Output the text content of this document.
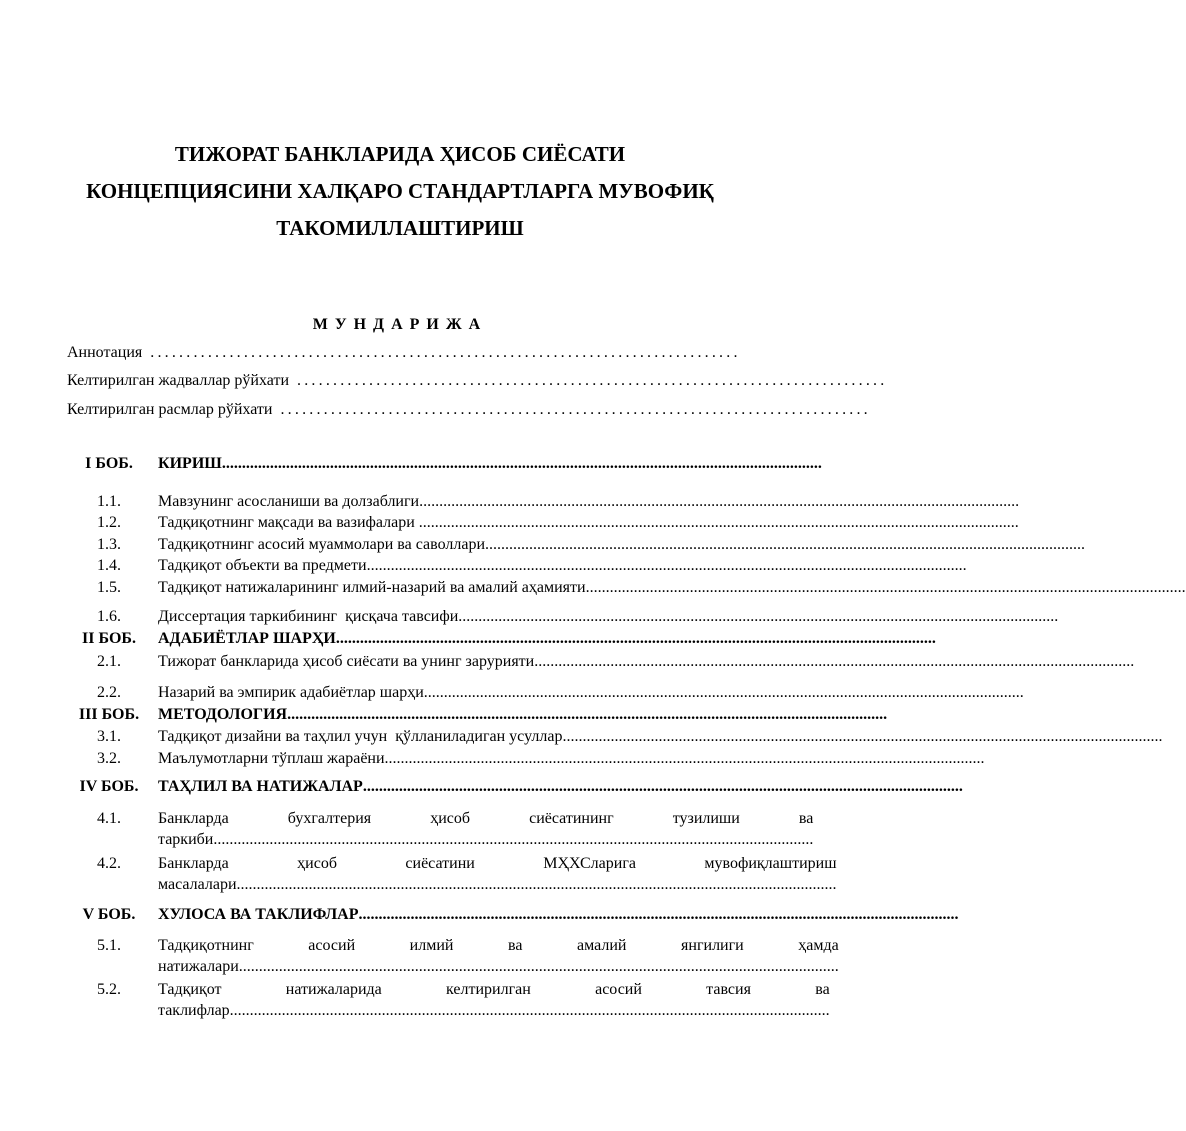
ТИЖОРАТ БАНКЛАРИДА ҲИСОБ СИЁСАТИ
КОНЦЕПЦИЯСИНИ ХАЛҚАРО СТАНДАРТЛАРГА МУВОФИҚ
ТАКОМИЛЛАШТИРИШ
МУНДАРИЖА
Аннотация ..................................................................................
Келтирилган жадваллар рўйхати ..................................................................................
Келтирилган расмлар рўйхати ..................................................................................
I БОБ.	КИРИШ ......................................................................................................................................................
1.1.	Мавзунинг асосланиши ва долзаблиги ......................................................................................................................................................
1.2.	Тадқиқотнинг мақсади ва вазифалари ......................................................................................................................................................
1.3.	Тадқиқотнинг асосий муаммолари ва саволлари ......................................................................................................................................................
1.4.	Тадқиқот объекти ва предмети ......................................................................................................................................................
1.5.	Тадқиқот натижаларининг илмий-назарий ва амалий аҳамияти ......................................................................................................................................................
1.6.	Диссертация таркибининг  қисқача тавсифи ......................................................................................................................................................
II БОБ.	АДАБИЁТЛАР ШАРҲИ ......................................................................................................................................................
2.1.	Тижорат банкларида ҳисоб сиёсати ва унинг зарурияти ......................................................................................................................................................
2.2.	Назарий ва эмпирик адабиётлар шарҳи ......................................................................................................................................................
III БОБ.	МЕТОДОЛОГИЯ ......................................................................................................................................................
3.1.	Тадқиқот дизайни ва таҳлил учун  қўлланиладиган усуллар ......................................................................................................................................................
3.2.	Маълумотларни тўплаш жараёни ......................................................................................................................................................
IV БОБ.	ТАҲЛИЛ ВА НАТИЖАЛАР ......................................................................................................................................................
4.1.	Банкларда бухгалтерия ҳисоб сиёсатининг тузилиши ва
таркиби ......................................................................................................................................................
4.2.	Банкларда ҳисоб сиёсатини МҲХСларига мувофиқлаштириш
масалалари ......................................................................................................................................................
V БОБ.	ХУЛОСА ВА ТАКЛИФЛАР ......................................................................................................................................................
5.1.	Тадқиқотнинг асосий илмий ва амалий янгилиги ҳамда
натижалари ......................................................................................................................................................
5.2.	Тадқиқот натижаларида келтирилган асосий тавсия ва
таклифлар ......................................................................................................................................................
